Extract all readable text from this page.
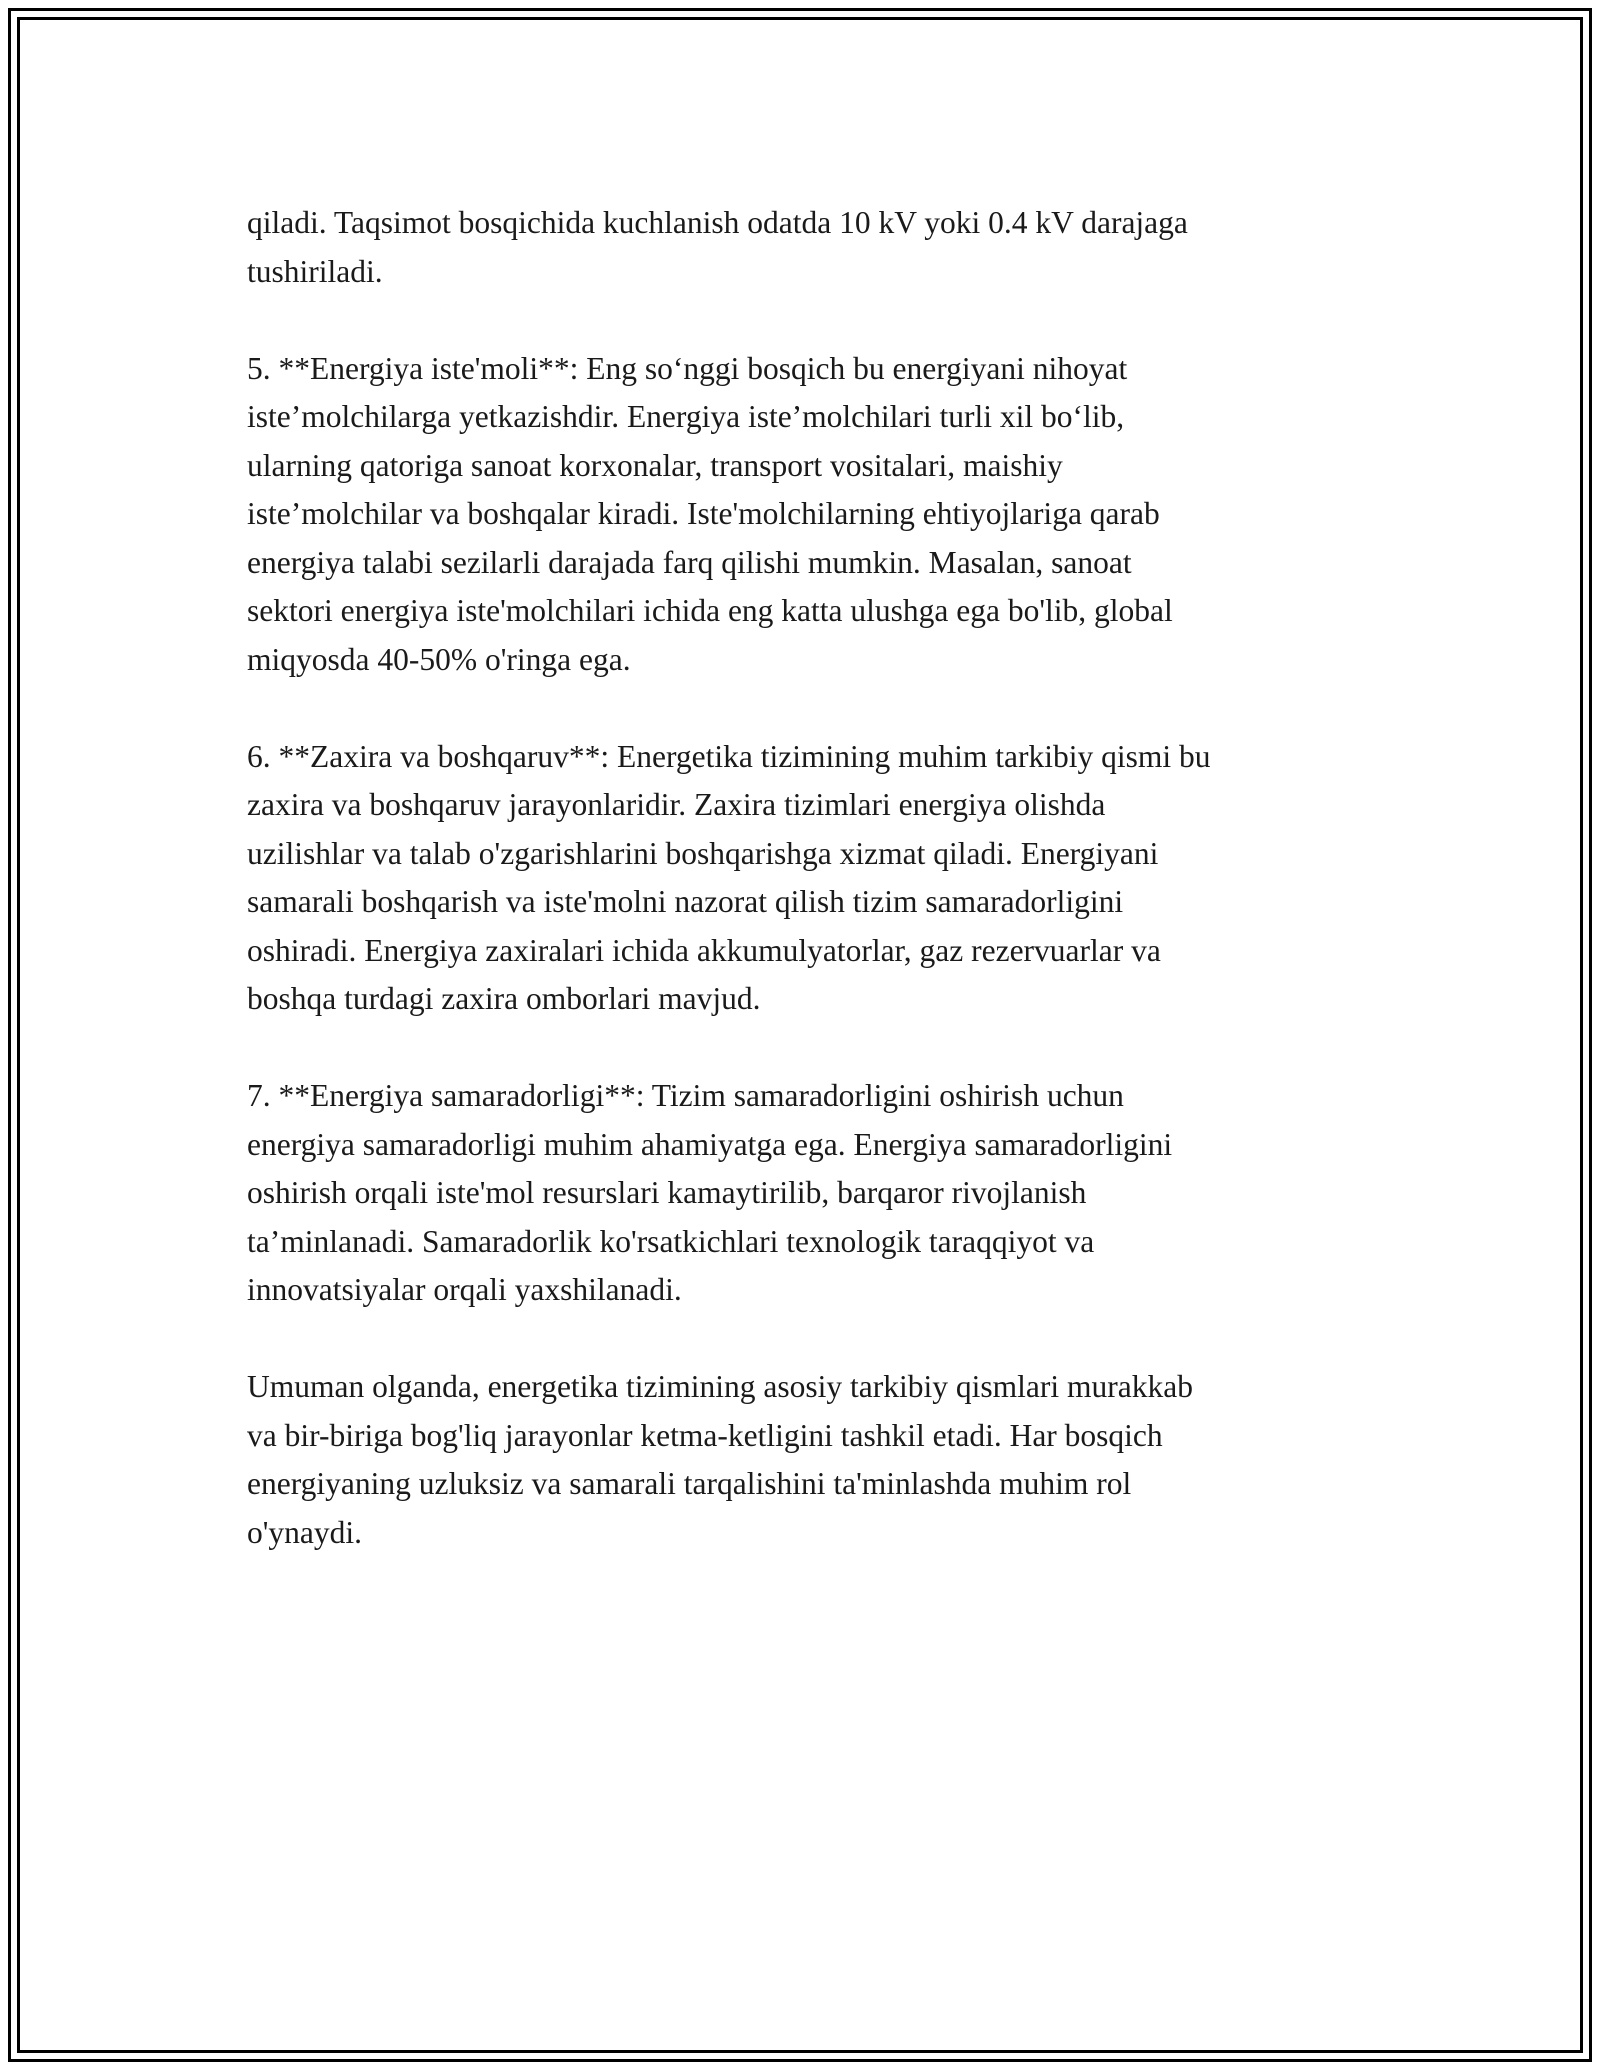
qiladi. Taqsimot bosqichida kuchlanish odatda 10 kV yoki 0.4 kV darajaga
tushiriladi.

5. **Energiya iste'moli**: Eng so‘nggi bosqich bu energiyani nihoyat
iste’molchilarga yetkazishdir. Energiya iste’molchilari turli xil bo‘lib,
ularning qatoriga sanoat korxonalar, transport vositalari, maishiy
iste’molchilar va boshqalar kiradi. Iste'molchilarning ehtiyojlariga qarab
energiya talabi sezilarli darajada farq qilishi mumkin. Masalan, sanoat
sektori energiya iste'molchilari ichida eng katta ulushga ega bo'lib, global
miqyosda 40-50% o'ringa ega.

6. **Zaxira va boshqaruv**: Energetika tizimining muhim tarkibiy qismi bu
zaxira va boshqaruv jarayonlaridir. Zaxira tizimlari energiya olishda
uzilishlar va talab o'zgarishlarini boshqarishga xizmat qiladi. Energiyani
samarali boshqarish va iste'molni nazorat qilish tizim samaradorligini
oshiradi. Energiya zaxiralari ichida akkumulyatorlar, gaz rezervuarlar va
boshqa turdagi zaxira omborlari mavjud.

7. **Energiya samaradorligi**: Tizim samaradorligini oshirish uchun
energiya samaradorligi muhim ahamiyatga ega. Energiya samaradorligini
oshirish orqali iste'mol resurslari kamaytirilib, barqaror rivojlanish
ta’minlanadi. Samaradorlik ko'rsatkichlari texnologik taraqqiyot va
innovatsiyalar orqali yaxshilanadi.

Umuman olganda, energetika tizimining asosiy tarkibiy qismlari murakkab
va bir-biriga bog'liq jarayonlar ketma-ketligini tashkil etadi. Har bosqich
energiyaning uzluksiz va samarali tarqalishini ta'minlashda muhim rol
o'ynaydi.
